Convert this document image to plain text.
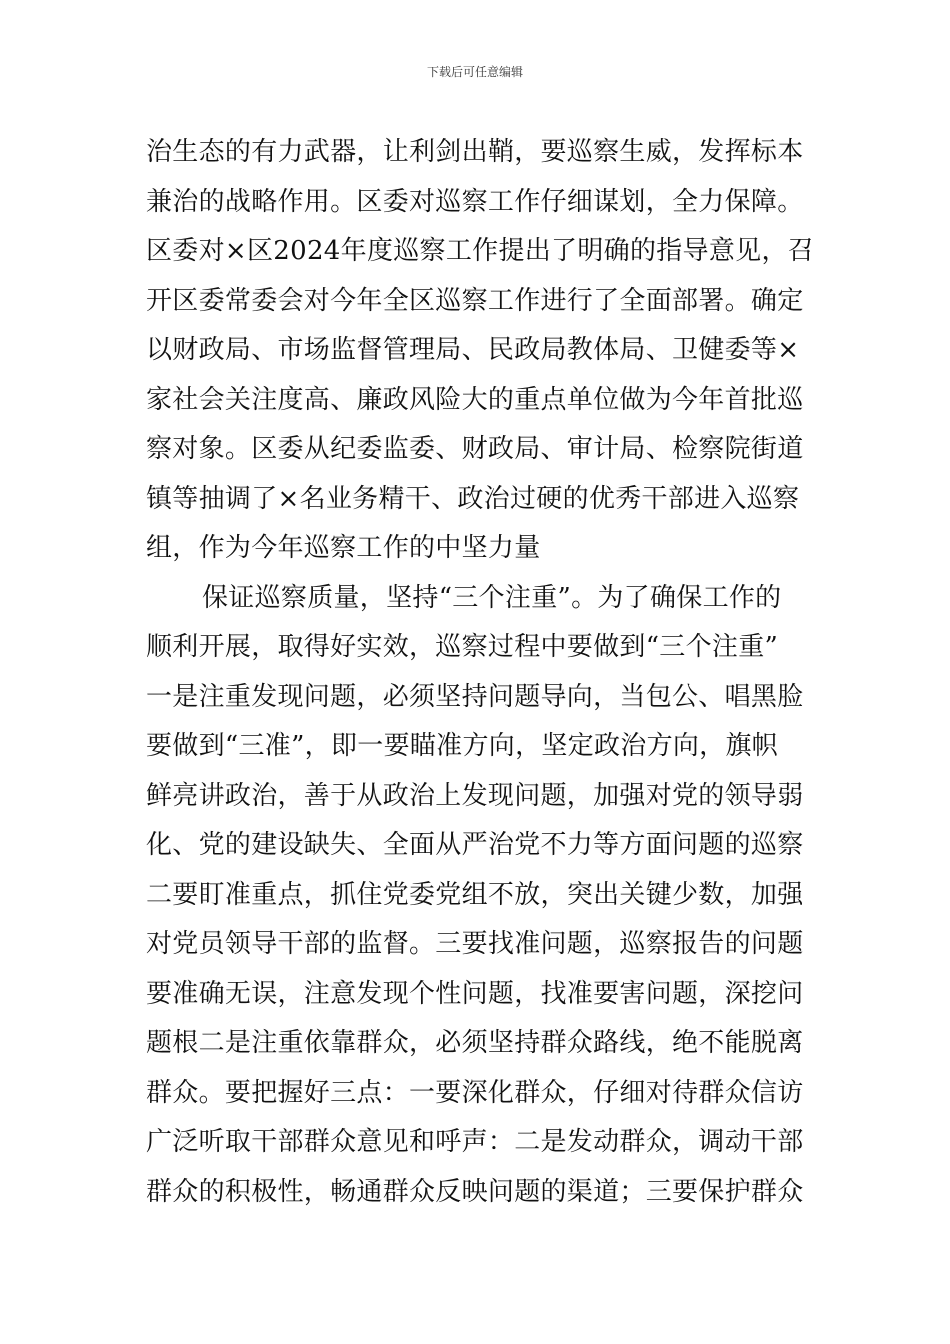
下载后可任意编辑
治生态的有力武器，让利剑出鞘，要巡察生威，发挥标本
兼治的战略作用。区委对巡察工作仔细谋划，全力保障。
区委对×区2024年度巡察工作提出了明确的指导意见，召
开区委常委会对今年全区巡察工作进行了全面部署。确定
以财政局、市场监督管理局、民政局教体局、卫健委等×
家社会关注度高、廉政风险大的重点单位做为今年首批巡
察对象。区委从纪委监委、财政局、审计局、检察院街道
镇等抽调了×名业务精干、政治过硬的优秀干部进入巡察
组，作为今年巡察工作的中坚力量
保证巡察质量，坚持“三个注重”。为了确保工作的
顺利开展，取得好实效，巡察过程中要做到“三个注重”
一是注重发现问题，必须坚持问题导向，当包公、唱黑脸
要做到“三准”，即一要瞄准方向，坚定政治方向，旗帜
鲜亮讲政治，善于从政治上发现问题，加强对党的领导弱
化、党的建设缺失、全面从严治党不力等方面问题的巡察
二要盯准重点，抓住党委党组不放，突出关键少数，加强
对党员领导干部的监督。三要找准问题，巡察报告的问题
要准确无误，注意发现个性问题，找准要害问题，深挖问
题根二是注重依靠群众，必须坚持群众路线，绝不能脱离
群众。要把握好三点：一要深化群众，仔细对待群众信访
广泛听取干部群众意见和呼声：二是发动群众，调动干部
群众的积极性，畅通群众反映问题的渠道；三要保护群众
